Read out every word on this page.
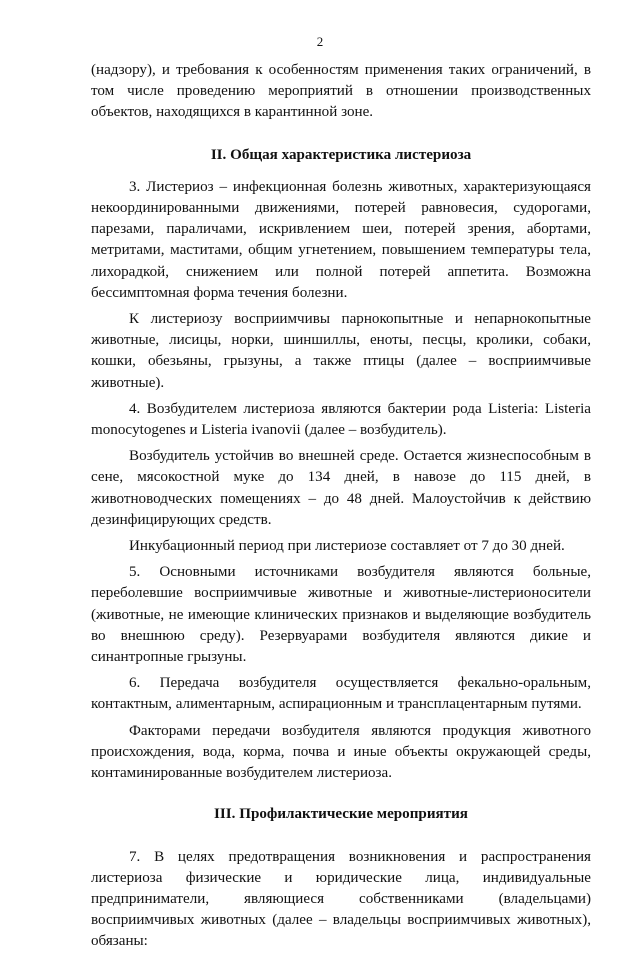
2

(надзору), и требования к особенностям применения таких ограничений, в том числе проведению мероприятий в отношении производственных объектов, находящихся в карантинной зоне.

II. Общая характеристика листериоза

3. Листериоз – инфекционная болезнь животных, характеризующаяся некоординированными движениями, потерей равновесия, судорогами, парезами, параличами, искривлением шеи, потерей зрения, абортами, метритами, маститами, общим угнетением, повышением температуры тела, лихорадкой, снижением или полной потерей аппетита. Возможна бессимптомная форма течения болезни.

К листериозу восприимчивы парнокопытные и непарнокопытные животные, лисицы, норки, шиншиллы, еноты, песцы, кролики, собаки, кошки, обезьяны, грызуны, а также птицы (далее – восприимчивые животные).

4. Возбудителем листериоза являются бактерии рода Listeria: Listeria monocytogenes и Listeria ivanovii (далее – возбудитель).

Возбудитель устойчив во внешней среде. Остается жизнеспособным в сене, мясокостной муке до 134 дней, в навозе до 115 дней, в животноводческих помещениях – до 48 дней. Малоустойчив к действию дезинфицирующих средств.

Инкубационный период при листериозе составляет от 7 до 30 дней.

5. Основными источниками возбудителя являются больные, переболевшие восприимчивые животные и животные-листерионосители (животные, не имеющие клинических признаков и выделяющие возбудитель во внешнюю среду). Резервуарами возбудителя являются дикие и синантропные грызуны.

6. Передача возбудителя осуществляется фекально-оральным, контактным, алиментарным, аспирационным и трансплацентарным путями.

Факторами передачи возбудителя являются продукция животного происхождения, вода, корма, почва и иные объекты окружающей среды, контаминированные возбудителем листериоза.

III. Профилактические мероприятия

7. В целях предотвращения возникновения и распространения листериоза физические и юридические лица, индивидуальные предприниматели, являющиеся собственниками (владельцами) восприимчивых животных (далее – владельцы восприимчивых животных), обязаны:
